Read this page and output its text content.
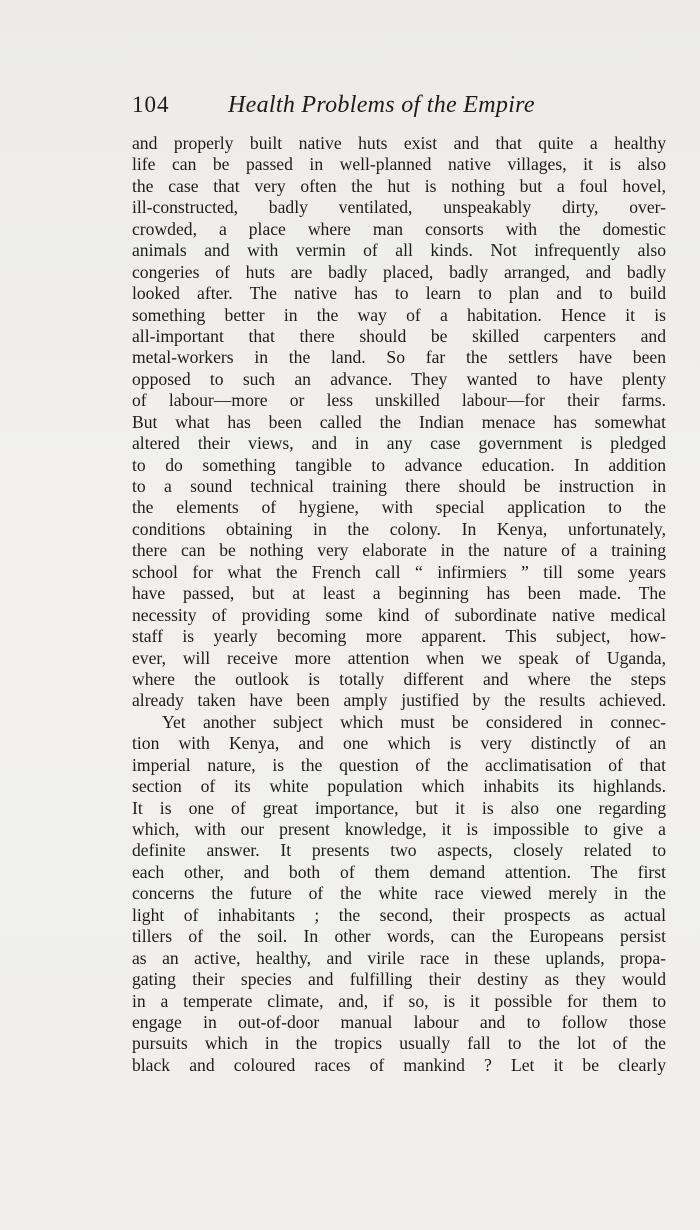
104 Health Problems of the Empire
and properly built native huts exist and that quite a healthy
life can be passed in well-planned native villages, it is also
the case that very often the hut is nothing but a foul hovel,
ill-constructed, badly ventilated, unspeakably dirty, over-
crowded, a place where man consorts with the domestic
animals and with vermin of all kinds. Not infrequently also
congeries of huts are badly placed, badly arranged, and badly
looked after. The native has to learn to plan and to build
something better in the way of a habitation. Hence it is
all-important that there should be skilled carpenters and
metal-workers in the land. So far the settlers have been
opposed to such an advance. They wanted to have plenty
of labour—more or less unskilled labour—for their farms.
But what has been called the Indian menace has somewhat
altered their views, and in any case government is pledged
to do something tangible to advance education. In addition
to a sound technical training there should be instruction in
the elements of hygiene, with special application to the
conditions obtaining in the colony. In Kenya, unfortunately,
there can be nothing very elaborate in the nature of a training
school for what the French call “ infirmiers ” till some years
have passed, but at least a beginning has been made. The
necessity of providing some kind of subordinate native medical
staff is yearly becoming more apparent. This subject, how-
ever, will receive more attention when we speak of Uganda,
where the outlook is totally different and where the steps
already taken have been amply justified by the results achieved.
Yet another subject which must be considered in connec-
tion with Kenya, and one which is very distinctly of an
imperial nature, is the question of the acclimatisation of that
section of its white population which inhabits its highlands.
It is one of great importance, but it is also one regarding
which, with our present knowledge, it is impossible to give a
definite answer. It presents two aspects, closely related to
each other, and both of them demand attention. The first
concerns the future of the white race viewed merely in the
light of inhabitants ; the second, their prospects as actual
tillers of the soil. In other words, can the Europeans persist
as an active, healthy, and virile race in these uplands, propa-
gating their species and fulfilling their destiny as they would
in a temperate climate, and, if so, is it possible for them to
engage in out-of-door manual labour and to follow those
pursuits which in the tropics usually fall to the lot of the
black and coloured races of mankind ? Let it be clearly
